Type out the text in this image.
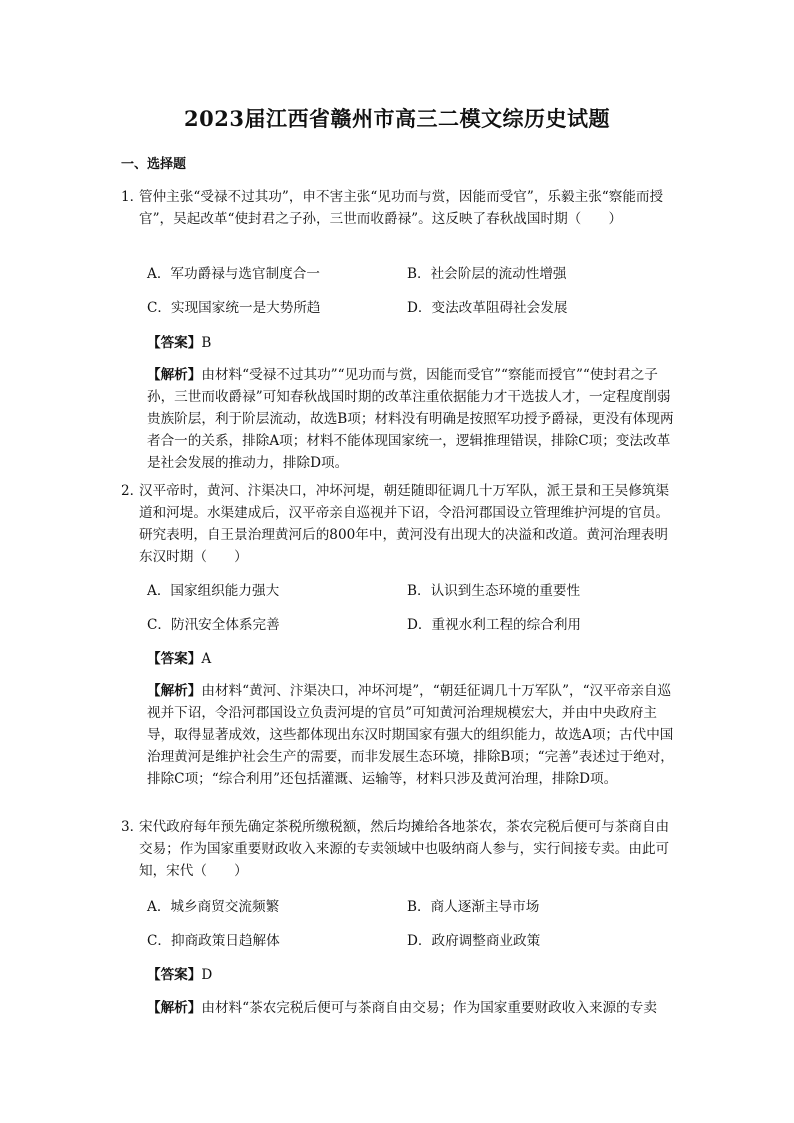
2023届江西省赣州市高三二模文综历史试题
一、选择题
1．
管仲主张“受禄不过其功”，申不害主张“见功而与赏，因能而受官”，乐毅主张“察能而授官”，吴起改革“使封君之子孙，三世而收爵禄”。这反映了春秋战国时期（　　）
A．军功爵禄与选官制度合一	B．社会阶层的流动性增强
C．实现国家统一是大势所趋	D．变法改革阻碍社会发展
【答案】B
【解析】由材料“受禄不过其功”“见功而与赏，因能而受官”“察能而授官”“使封君之子孙，三世而收爵禄”可知春秋战国时期的改革注重依据能力才干选拔人才，一定程度削弱贵族阶层，利于阶层流动，故选B项；材料没有明确是按照军功授予爵禄，更没有体现两者合一的关系，排除A项；材料不能体现国家统一，逻辑推理错误，排除C项；变法改革是社会发展的推动力，排除D项。
2．
汉平帝时，黄河、汴渠决口，冲坏河堤，朝廷随即征调几十万军队，派王景和王吴修筑渠道和河堤。水渠建成后，汉平帝亲自巡视并下诏，令沿河郡国设立管理维护河堤的官员。研究表明，自王景治理黄河后的800年中，黄河没有出现大的决溢和改道。黄河治理表明东汉时期（　　）
A．国家组织能力强大	B．认识到生态环境的重要性
C．防汛安全体系完善	D．重视水利工程的综合利用
【答案】A
【解析】由材料“黄河、汴渠决口，冲坏河堤”，“朝廷征调几十万军队”，“汉平帝亲自巡视并下诏，令沿河郡国设立负责河堤的官员”可知黄河治理规模宏大，并由中央政府主导，取得显著成效，这些都体现出东汉时期国家有强大的组织能力，故选A项；古代中国治理黄河是维护社会生产的需要，而非发展生态环境，排除B项；“完善”表述过于绝对，排除C项；“综合利用”还包括灌溉、运输等，材料只涉及黄河治理，排除D项。
3．
宋代政府每年预先确定茶税所缴税额，然后均摊给各地茶农，茶农完税后便可与茶商自由交易；作为国家重要财政收入来源的专卖领域中也吸纳商人参与，实行间接专卖。由此可知，宋代（　　）
A．城乡商贸交流频繁	B．商人逐渐主导市场
C．抑商政策日趋解体	D．政府调整商业政策
【答案】D
【解析】由材料“茶农完税后便可与茶商自由交易；作为国家重要财政收入来源的专卖
